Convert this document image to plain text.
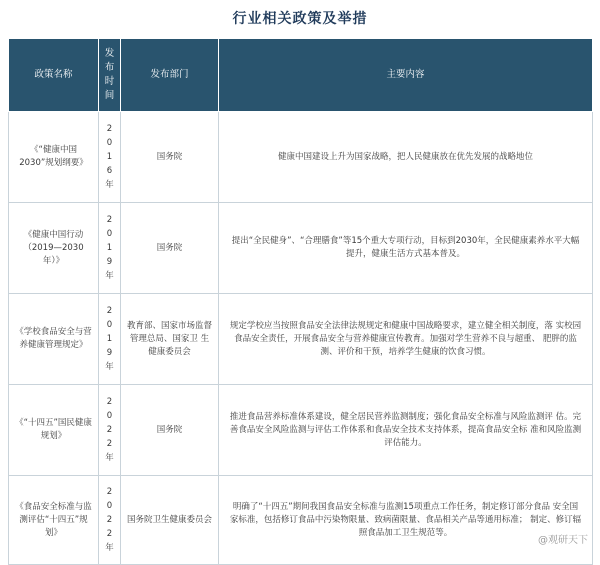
行业相关政策及举措
政策名称	发布时间	发布部门	主要内容
《“健康中国2030”规划纲要》	2016年	国务院	健康中国建设上升为国家战略，把人民健康放在优先发展的战略地位
《健康中国行动（2019—2030年）》	2019年	国务院	提出“全民健身”、“合理膳食”等15个重大专项行动，目标到2030年，全民健康素养水平大幅提升，健康生活方式基本普及。
《学校食品安全与营养健康管理规定》	2019年	教育部、国家市场监督管理总局、国家卫 生健康委员会	规定学校应当按照食品安全法律法规规定和健康中国战略要求，建立健全相关制度，落 实校园食品安全责任，开展食品安全与营养健康宣传教育。加强对学生营养不良与超重、 肥胖的监测、评价和干预，培养学生健康的饮食习惯。
《“十四五”国民健康规划》	2022年	国务院	推进食品营养标准体系建设，健全居民营养监测制度；强化食品安全标准与风险监测评 估。完善食品安全风险监测与评估工作体系和食品安全技术支持体系，提高食品安全标 准和风险监测评估能力。
《食品安全标准与监测评估“十四五”规划》	2022年	国务院卫生健康委员会	明确了“十四五”期间我国食品安全标准与监测15项重点工作任务，制定修订部分食品 安全国家标准，包括修订食品中污染物限量、致病菌限量、食品相关产品等通用标准； 制定、修订辐照食品加工卫生规范等。
@观研天下
